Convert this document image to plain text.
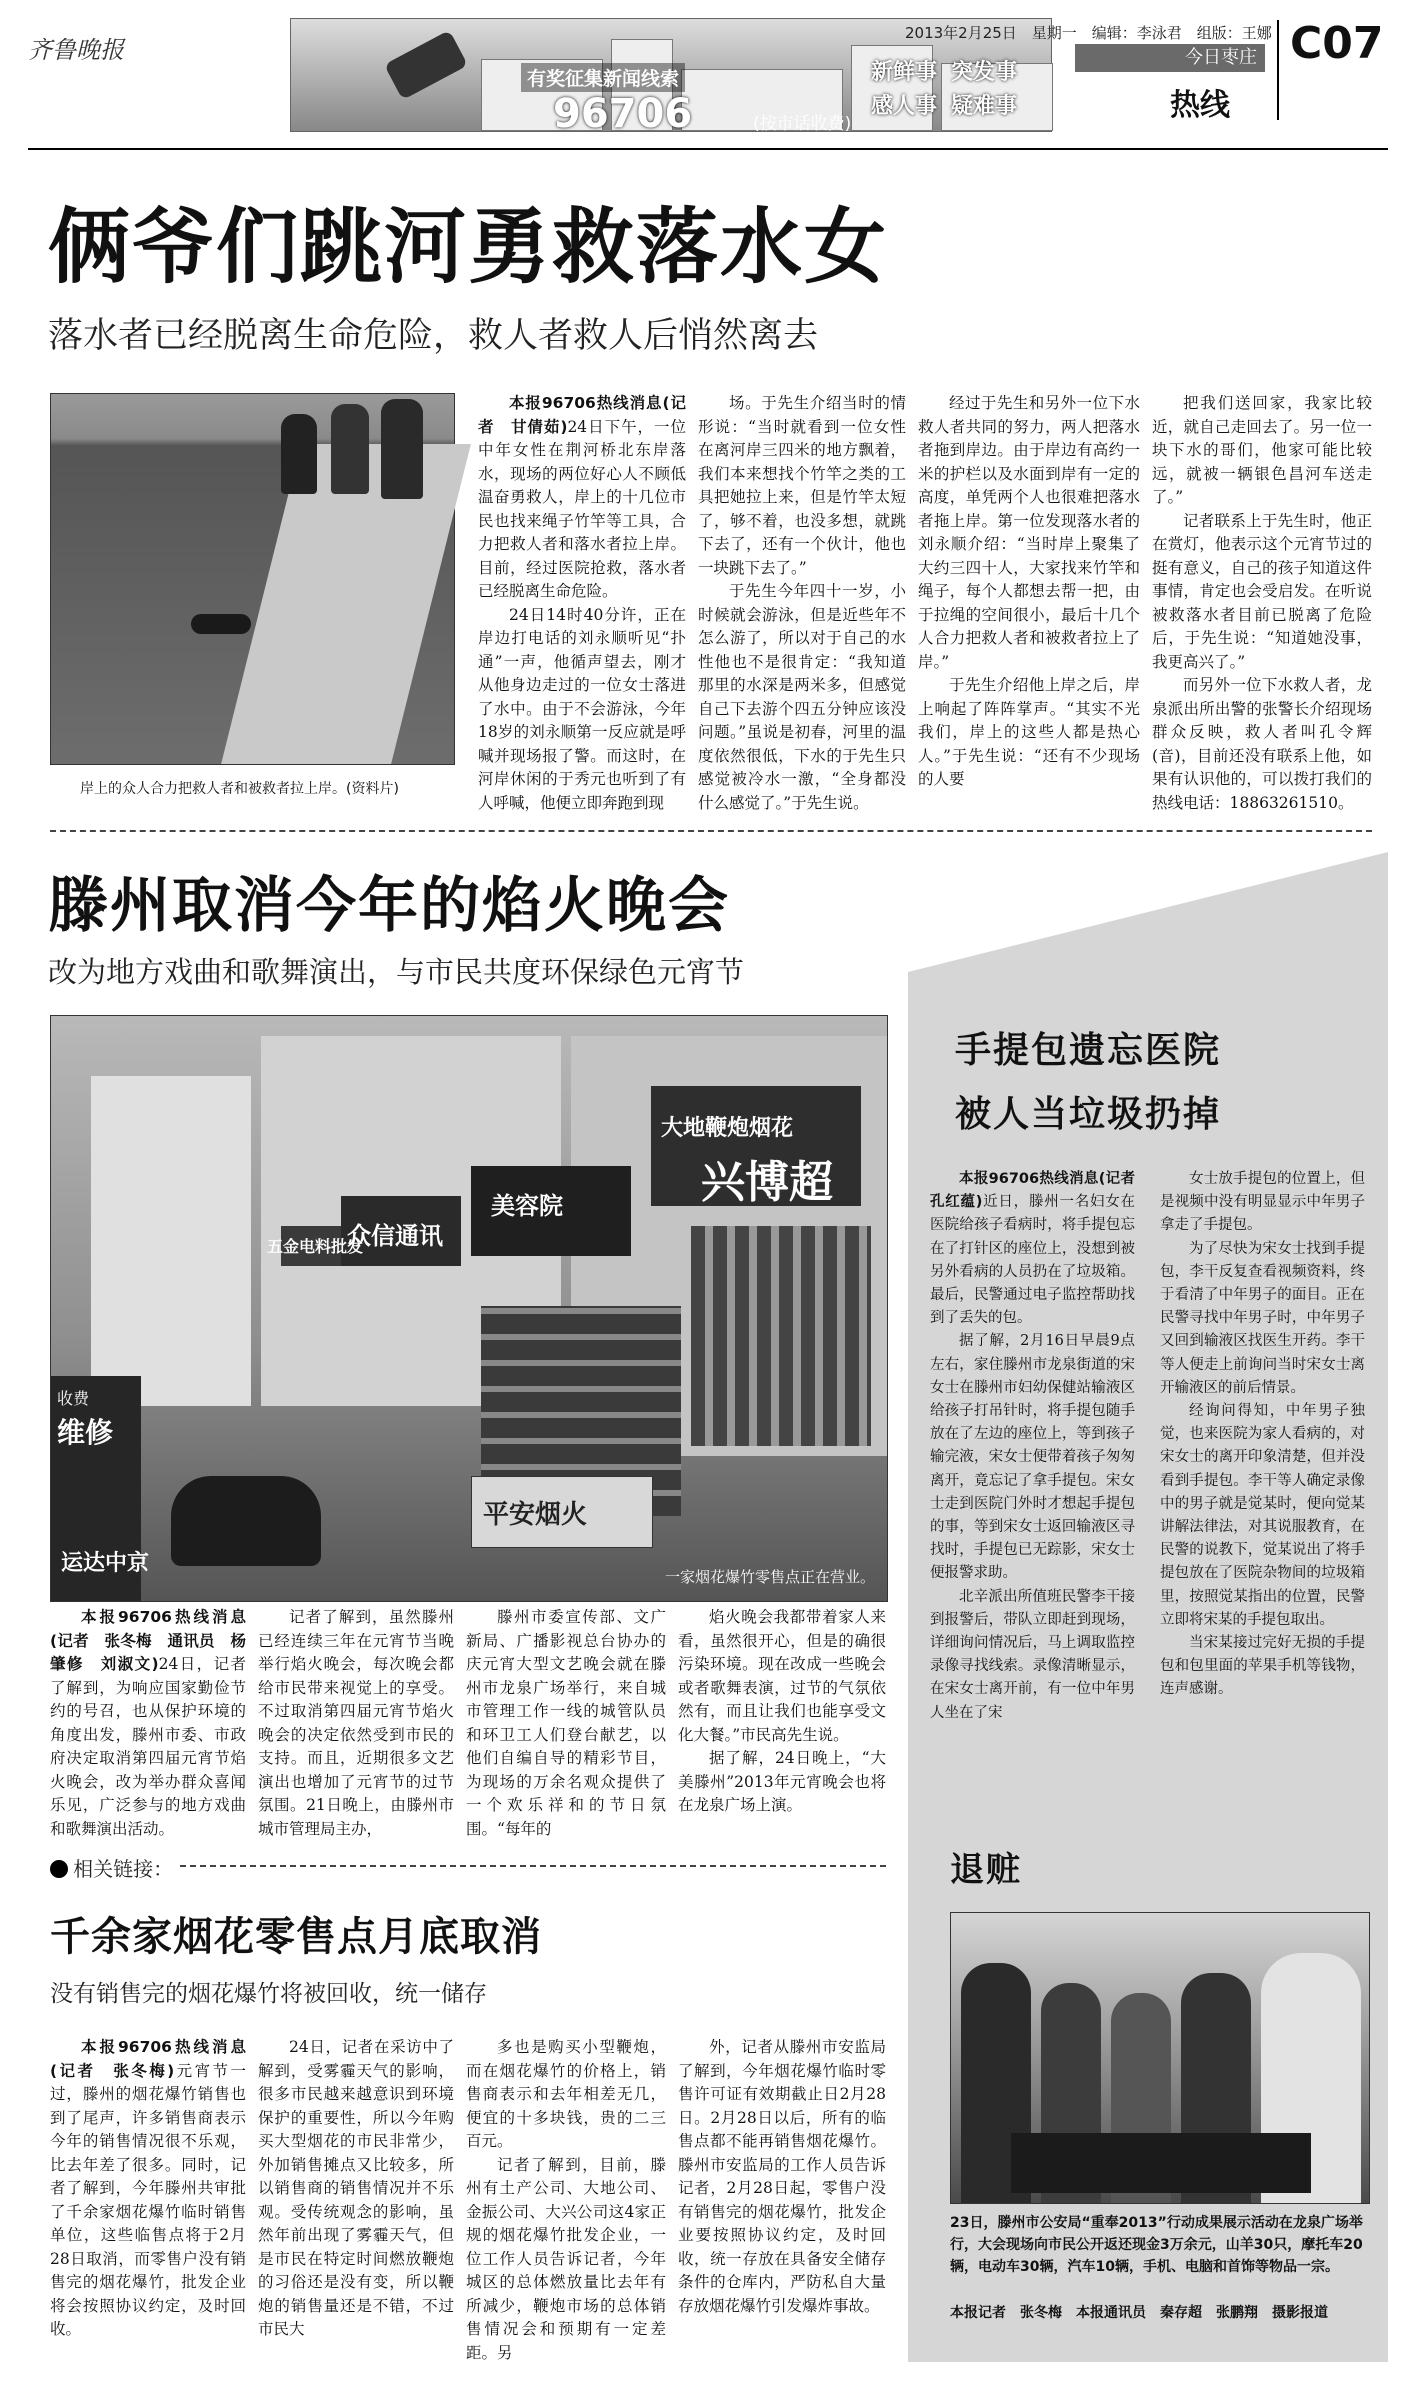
齐鲁晚报
有奖征集新闻线索
96706	(按市话收费)
新鲜事 突发事
感人事 疑难事
2013年2月25日　星期一　编辑：李泳君　组版：王娜
今日枣庄
热线
C07
俩爷们跳河勇救落水女
落水者已经脱离生命危险，救人者救人后悄然离去
岸上的众人合力把救人者和被救者拉上岸。(资料片)

本报96706热线消息(记者　甘倩茹)24日下午，一位中年女性在荆河桥北东岸落水，现场的两位好心人不顾低温奋勇救人，岸上的十几位市民也找来绳子竹竿等工具，合力把救人者和落水者拉上岸。目前，经过医院抢救，落水者已经脱离生命危险。

24日14时40分许，正在岸边打电话的刘永顺听见“扑通”一声，他循声望去，刚才从他身边走过的一位女士落进了水中。由于不会游泳，今年18岁的刘永顺第一反应就是呼喊并现场报了警。而这时，在河岸休闲的于秀元也听到了有人呼喊，他便立即奔跑到现

场。于先生介绍当时的情形说：“当时就看到一位女性在离河岸三四米的地方飘着，我们本来想找个竹竿之类的工具把她拉上来，但是竹竿太短了，够不着，也没多想，就跳下去了，还有一个伙计，他也一块跳下去了。”

于先生今年四十一岁，小时候就会游泳，但是近些年不怎么游了，所以对于自己的水性他也不是很肯定：“我知道那里的水深是两米多，但感觉自己下去游个四五分钟应该没问题。”虽说是初春，河里的温度依然很低，下水的于先生只感觉被冷水一激，“全身都没什么感觉了。”于先生说。

经过于先生和另外一位下水救人者共同的努力，两人把落水者拖到岸边。由于岸边有高约一米的护栏以及水面到岸有一定的高度，单凭两个人也很难把落水者拖上岸。第一位发现落水者的刘永顺介绍：“当时岸上聚集了大约三四十人，大家找来竹竿和绳子，每个人都想去帮一把，由于拉绳的空间很小，最后十几个人合力把救人者和被救者拉上了岸。”

于先生介绍他上岸之后，岸上响起了阵阵掌声。“其实不光我们，岸上的这些人都是热心人。”于先生说：“还有不少现场的人要

把我们送回家，我家比较近，就自己走回去了。另一位一块下水的哥们，他家可能比较远，就被一辆银色昌河车送走了。”

记者联系上于先生时，他正在赏灯，他表示这个元宵节过的挺有意义，自己的孩子知道这件事情，肯定也会受启发。在听说被救落水者目前已脱离了危险后，于先生说：“知道她没事，我更高兴了。”

而另外一位下水救人者，龙泉派出所出警的张警长介绍现场群众反映，救人者叫孔令辉(音)，目前还没有联系上他，如果有认识他的，可以拨打我们的热线电话：18863261510。

滕州取消今年的焰火晚会
改为地方戏曲和歌舞演出，与市民共度环保绿色元宵节
大地鞭炮烟花
兴博超
众信通讯
美容院
五金电料批发
收费
维修
平安烟火
运达中京
一家烟花爆竹零售点正在营业。

本报96706热线消息(记者　张冬梅　通讯员　杨肇修　刘淑文)24日，记者了解到，为响应国家勤俭节约的号召，也从保护环境的角度出发，滕州市委、市政府决定取消第四届元宵节焰火晚会，改为举办群众喜闻乐见，广泛参与的地方戏曲和歌舞演出活动。

记者了解到，虽然滕州已经连续三年在元宵节当晚举行焰火晚会，每次晚会都给市民带来视觉上的享受。不过取消第四届元宵节焰火晚会的决定依然受到市民的支持。而且，近期很多文艺演出也增加了元宵节的过节氛围。21日晚上，由滕州市城市管理局主办，

滕州市委宣传部、文广新局、广播影视总台协办的庆元宵大型文艺晚会就在滕州市龙泉广场举行，来自城市管理工作一线的城管队员和环卫工人们登台献艺，以他们自编自导的精彩节目，为现场的万余名观众提供了一个欢乐祥和的节日氛围。“每年的

焰火晚会我都带着家人来看，虽然很开心，但是的确很污染环境。现在改成一些晚会或者歌舞表演，过节的气氛依然有，而且让我们也能享受文化大餐。”市民高先生说。

据了解，24日晚上，“大美滕州”2013年元宵晚会也将在龙泉广场上演。

相关链接：
千余家烟花零售点月底取消
没有销售完的烟花爆竹将被回收，统一储存

本报96706热线消息(记者　张冬梅)元宵节一过，滕州的烟花爆竹销售也到了尾声，许多销售商表示今年的销售情况很不乐观，比去年差了很多。同时，记者了解到，今年滕州共审批了千余家烟花爆竹临时销售单位，这些临售点将于2月28日取消，而零售户没有销售完的烟花爆竹，批发企业将会按照协议约定，及时回收。

24日，记者在采访中了解到，受雾霾天气的影响，很多市民越来越意识到环境保护的重要性，所以今年购买大型烟花的市民非常少，外加销售摊点又比较多，所以销售商的销售情况并不乐观。受传统观念的影响，虽然年前出现了雾霾天气，但是市民在特定时间燃放鞭炮的习俗还是没有变，所以鞭炮的销售量还是不错，不过市民大

多也是购买小型鞭炮，而在烟花爆竹的价格上，销售商表示和去年相差无几，便宜的十多块钱，贵的二三百元。

记者了解到，目前，滕州有土产公司、大地公司、金振公司、大兴公司这4家正规的烟花爆竹批发企业，一位工作人员告诉记者，今年城区的总体燃放量比去年有所减少，鞭炮市场的总体销售情况会和预期有一定差距。另

外，记者从滕州市安监局了解到，今年烟花爆竹临时零售许可证有效期截止日2月28日。2月28日以后，所有的临售点都不能再销售烟花爆竹。滕州市安监局的工作人员告诉记者，2月28日起，零售户没有销售完的烟花爆竹，批发企业要按照协议约定，及时回收，统一存放在具备安全储存条件的仓库内，严防私自大量存放烟花爆竹引发爆炸事故。

手提包遗忘医院
被人当垃圾扔掉

本报96706热线消息(记者　孔红蕴)近日，滕州一名妇女在医院给孩子看病时，将手提包忘在了打针区的座位上，没想到被另外看病的人员扔在了垃圾箱。最后，民警通过电子监控帮助找到了丢失的包。

据了解，2月16日早晨9点左右，家住滕州市龙泉街道的宋女士在滕州市妇幼保健站输液区给孩子打吊针时，将手提包随手放在了左边的座位上，等到孩子输完液，宋女士便带着孩子匆匆离开，竟忘记了拿手提包。宋女士走到医院门外时才想起手提包的事，等到宋女士返回输液区寻找时，手提包已无踪影，宋女士便报警求助。

北辛派出所值班民警李干接到报警后，带队立即赶到现场，详细询问情况后，马上调取监控录像寻找线索。录像清晰显示，在宋女士离开前，有一位中年男人坐在了宋

女士放手提包的位置上，但是视频中没有明显显示中年男子拿走了手提包。

为了尽快为宋女士找到手提包，李干反复查看视频资料，终于看清了中年男子的面目。正在民警寻找中年男子时，中年男子又回到输液区找医生开药。李干等人便走上前询问当时宋女士离开输液区的前后情景。

经询问得知，中年男子独觉，也来医院为家人看病的，对宋女士的离开印象清楚，但并没看到手提包。李干等人确定录像中的男子就是觉某时，便向觉某讲解法律法，对其说服教育，在民警的说教下，觉某说出了将手提包放在了医院杂物间的垃圾箱里，按照觉某指出的位置，民警立即将宋某的手提包取出。

当宋某接过完好无损的手提包和包里面的苹果手机等钱物，连声感谢。

退赃
23日，滕州市公安局“重奉2013”行动成果展示活动在龙泉广场举行，大会现场向市民公开返还现金3万余元，山羊30只，摩托车20辆，电动车30辆，汽车10辆，手机、电脑和首饰等物品一宗。
本报记者　张冬梅　本报通讯员　秦存超　张鹏翔　摄影报道
